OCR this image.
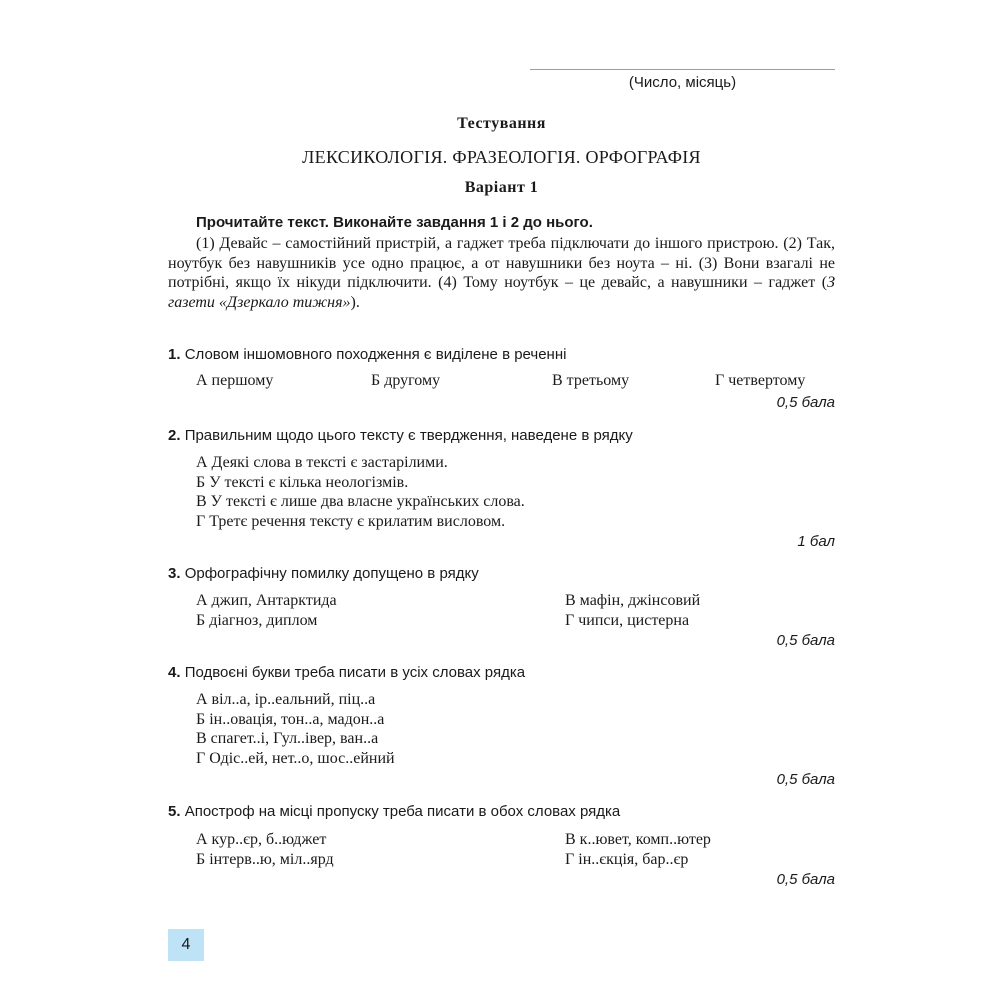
(Число, місяць)
Тестування
ЛЕКСИКОЛОГІЯ. ФРАЗЕОЛОГІЯ. ОРФОГРАФІЯ
Варіант 1
Прочитайте текст. Виконайте завдання 1 і 2 до нього.

(1) Девайс – самостійний пристрій, а гаджет треба підключати до іншого пристрою. (2) Так, ноутбук без навушників усе одно працює, а от навушники без ноута – ні. (3) Вони взагалі не потрібні, якщо їх нікуди підключити. (4) Тому ноутбук – це девайс, а навушники – гаджет (З газети «Дзеркало тижня»).

1. Словом іншомовного походження є виділене в реченні
А першому	Б другому	В третьому	Г четвертому
0,5 бала
2. Правильним щодо цього тексту є твердження, наведене в рядку
А Деякі слова в тексті є застарілими.
Б У тексті є кілька неологізмів.
В У тексті є лише два власне українських слова.
Г Третє речення тексту є крилатим висловом.
1 бал
3. Орфографічну помилку допущено в рядку
А джип, Антарктида
Б діагноз, диплом
В мафін, джінсовий
Г чипси, цистерна
0,5 бала
4. Подвоєні букви треба писати в усіх словах рядка
А віл..а, ір..еальний, піц..а
Б ін..овація, тон..а, мадон..а
В спагет..і, Гул..івер, ван..а
Г Одіс..ей, нет..о, шос..ейний
0,5 бала
5. Апостроф на місці пропуску треба писати в обох словах рядка
А кур..єр, б..юджет
Б інтерв..ю, міл..ярд
В к..ювет, комп..ютер
Г ін..єкція, бар..єр
0,5 бала
4
